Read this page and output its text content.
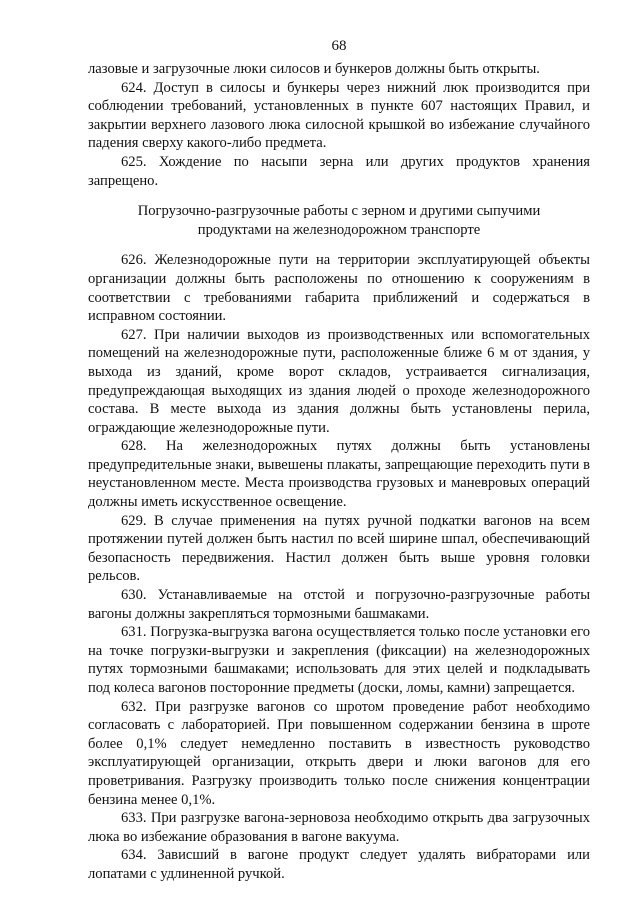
68

лазовые и загрузочные люки силосов и бункеров должны быть открыты.

624. Доступ в силосы и бункеры через нижний люк производится при соблюдении требований, установленных в пункте 607 настоящих Правил, и закрытии верхнего лазового люка силосной крышкой во избежание случайного падения сверху какого-либо предмета.

625. Хождение по насыпи зерна или других продуктов хранения запрещено.

Погрузочно-разгрузочные работы с зерном и другими сыпучими
продуктами на железнодорожном транспорте

626. Железнодорожные пути на территории эксплуатирующей объекты организации должны быть расположены по отношению к сооружениям в соответствии с требованиями габарита приближений и содержаться в исправном состоянии.

627. При наличии выходов из производственных или вспомогательных помещений на железнодорожные пути, расположенные ближе 6 м от здания, у выхода из зданий, кроме ворот складов, устраивается сигнализация, предупреждающая выходящих из здания людей о проходе железнодорожного состава. В месте выхода из здания должны быть установлены перила, ограждающие железнодорожные пути.

628. На железнодорожных путях должны быть установлены предупредительные знаки, вывешены плакаты, запрещающие переходить пути в неустановленном месте. Места производства грузовых и маневровых операций должны иметь искусственное освещение.

629. В случае применения на путях ручной подкатки вагонов на всем протяжении путей должен быть настил по всей ширине шпал, обеспечивающий безопасность передвижения. Настил должен быть выше уровня головки рельсов.

630. Устанавливаемые на отстой и погрузочно-разгрузочные работы вагоны должны закрепляться тормозными башмаками.

631. Погрузка-выгрузка вагона осуществляется только после установки его на точке погрузки-выгрузки и закрепления (фиксации) на железнодорожных путях тормозными башмаками; использовать для этих целей и подкладывать под колеса вагонов посторонние предметы (доски, ломы, камни) запрещается.

632. При разгрузке вагонов со шротом проведение работ необходимо согласовать с лабораторией. При повышенном содержании бензина в шроте более 0,1% следует немедленно поставить в известность руководство эксплуатирующей организации, открыть двери и люки вагонов для его проветривания. Разгрузку производить только после снижения концентрации бензина менее 0,1%.

633. При разгрузке вагона-зерновоза необходимо открыть два загрузочных люка во избежание образования в вагоне вакуума.

634. Зависший в вагоне продукт следует удалять вибраторами или лопатами с удлиненной ручкой.
